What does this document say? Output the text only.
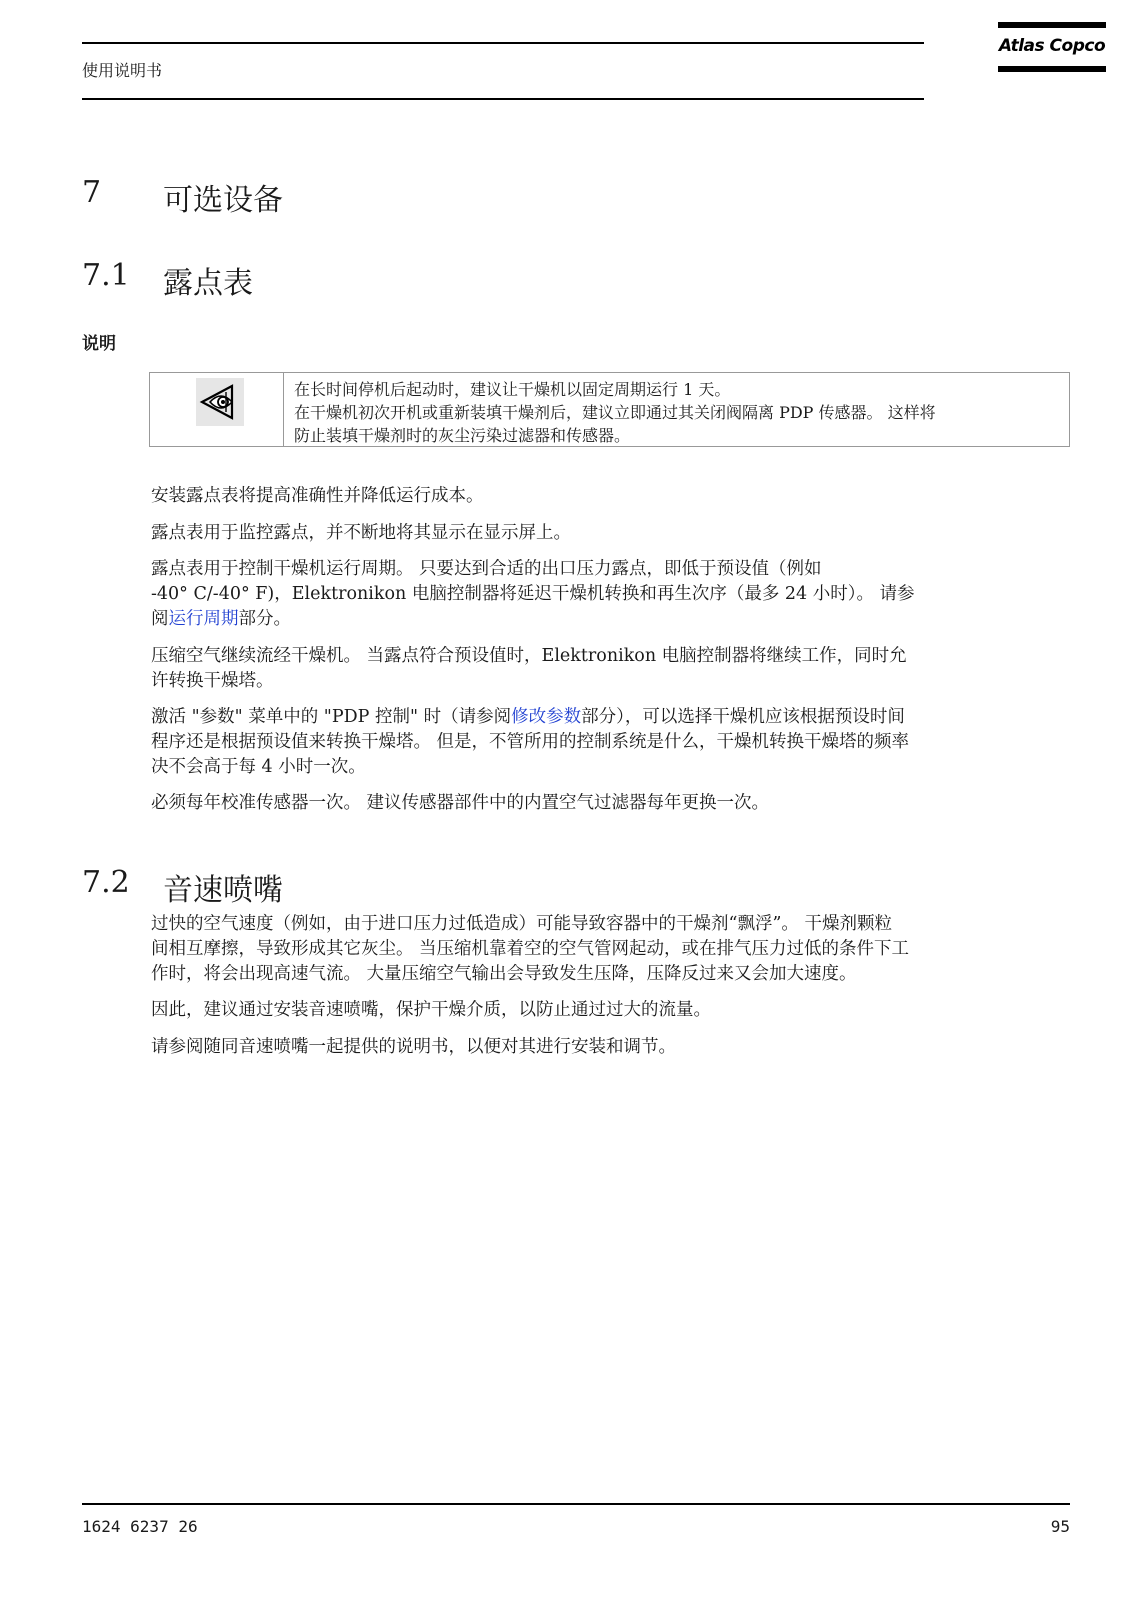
使用说明书
Atlas Copco
7 可选设备
7.1 露点表
说明
在长时间停机后起动时，建议让干燥机以固定周期运行 1 天。
在干燥机初次开机或重新装填干燥剂后，建议立即通过其关闭阀隔离 PDP 传感器。 这样将
防止装填干燥剂时的灰尘污染过滤器和传感器。
安装露点表将提高准确性并降低运行成本。
露点表用于监控露点，并不断地将其显示在显示屏上。
露点表用于控制干燥机运行周期。 只要达到合适的出口压力露点，即低于预设值（例如
-40° C/-40° F)，Elektronikon 电脑控制器将延迟干燥机转换和再生次序（最多 24 小时）。 请参
阅运行周期部分。
压缩空气继续流经干燥机。 当露点符合预设值时，Elektronikon 电脑控制器将继续工作，同时允
许转换干燥塔。
激活 "参数" 菜单中的 "PDP 控制" 时（请参阅修改参数部分），可以选择干燥机应该根据预设时间
程序还是根据预设值来转换干燥塔。 但是，不管所用的控制系统是什么，干燥机转换干燥塔的频率
决不会高于每 4 小时一次。
必须每年校准传感器一次。 建议传感器部件中的内置空气过滤器每年更换一次。
7.2 音速喷嘴
过快的空气速度（例如，由于进口压力过低造成）可能导致容器中的干燥剂“飘浮”。 干燥剂颗粒
间相互摩擦，导致形成其它灰尘。 当压缩机靠着空的空气管网起动，或在排气压力过低的条件下工
作时，将会出现高速气流。 大量压缩空气输出会导致发生压降，压降反过来又会加大速度。
因此，建议通过安装音速喷嘴，保护干燥介质，以防止通过过大的流量。
请参阅随同音速喷嘴一起提供的说明书，以便对其进行安装和调节。
1624 6237 26	95
